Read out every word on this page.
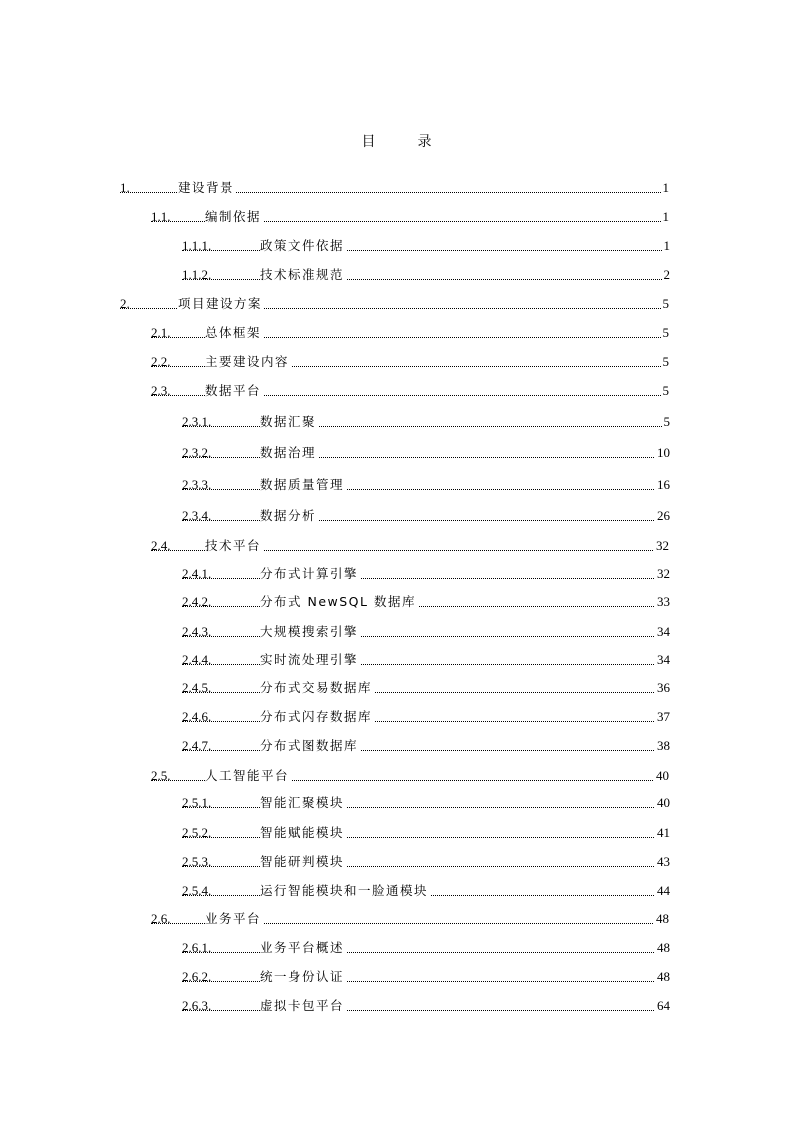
目　录
1.	建设背景	1
1.1.	编制依据	1
1.1.1.	政策文件依据	1
1.1.2.	技术标准规范	2
2.	项目建设方案	5
2.1.	总体框架	5
2.2.	主要建设内容	5
2.3.	数据平台	5
2.3.1.	数据汇聚	5
2.3.2.	数据治理	10
2.3.3.	数据质量管理	16
2.3.4.	数据分析	26
2.4.	技术平台	32
2.4.1.	分布式计算引擎	32
2.4.2.	分布式 NewSQL 数据库	33
2.4.3.	大规模搜索引擎	34
2.4.4.	实时流处理引擎	34
2.4.5.	分布式交易数据库	36
2.4.6.	分布式闪存数据库	37
2.4.7.	分布式图数据库	38
2.5.	人工智能平台	40
2.5.1.	智能汇聚模块	40
2.5.2.	智能赋能模块	41
2.5.3.	智能研判模块	43
2.5.4.	运行智能模块和一脸通模块	44
2.6.	业务平台	48
2.6.1.	业务平台概述	48
2.6.2.	统一身份认证	48
2.6.3.	虚拟卡包平台	64
